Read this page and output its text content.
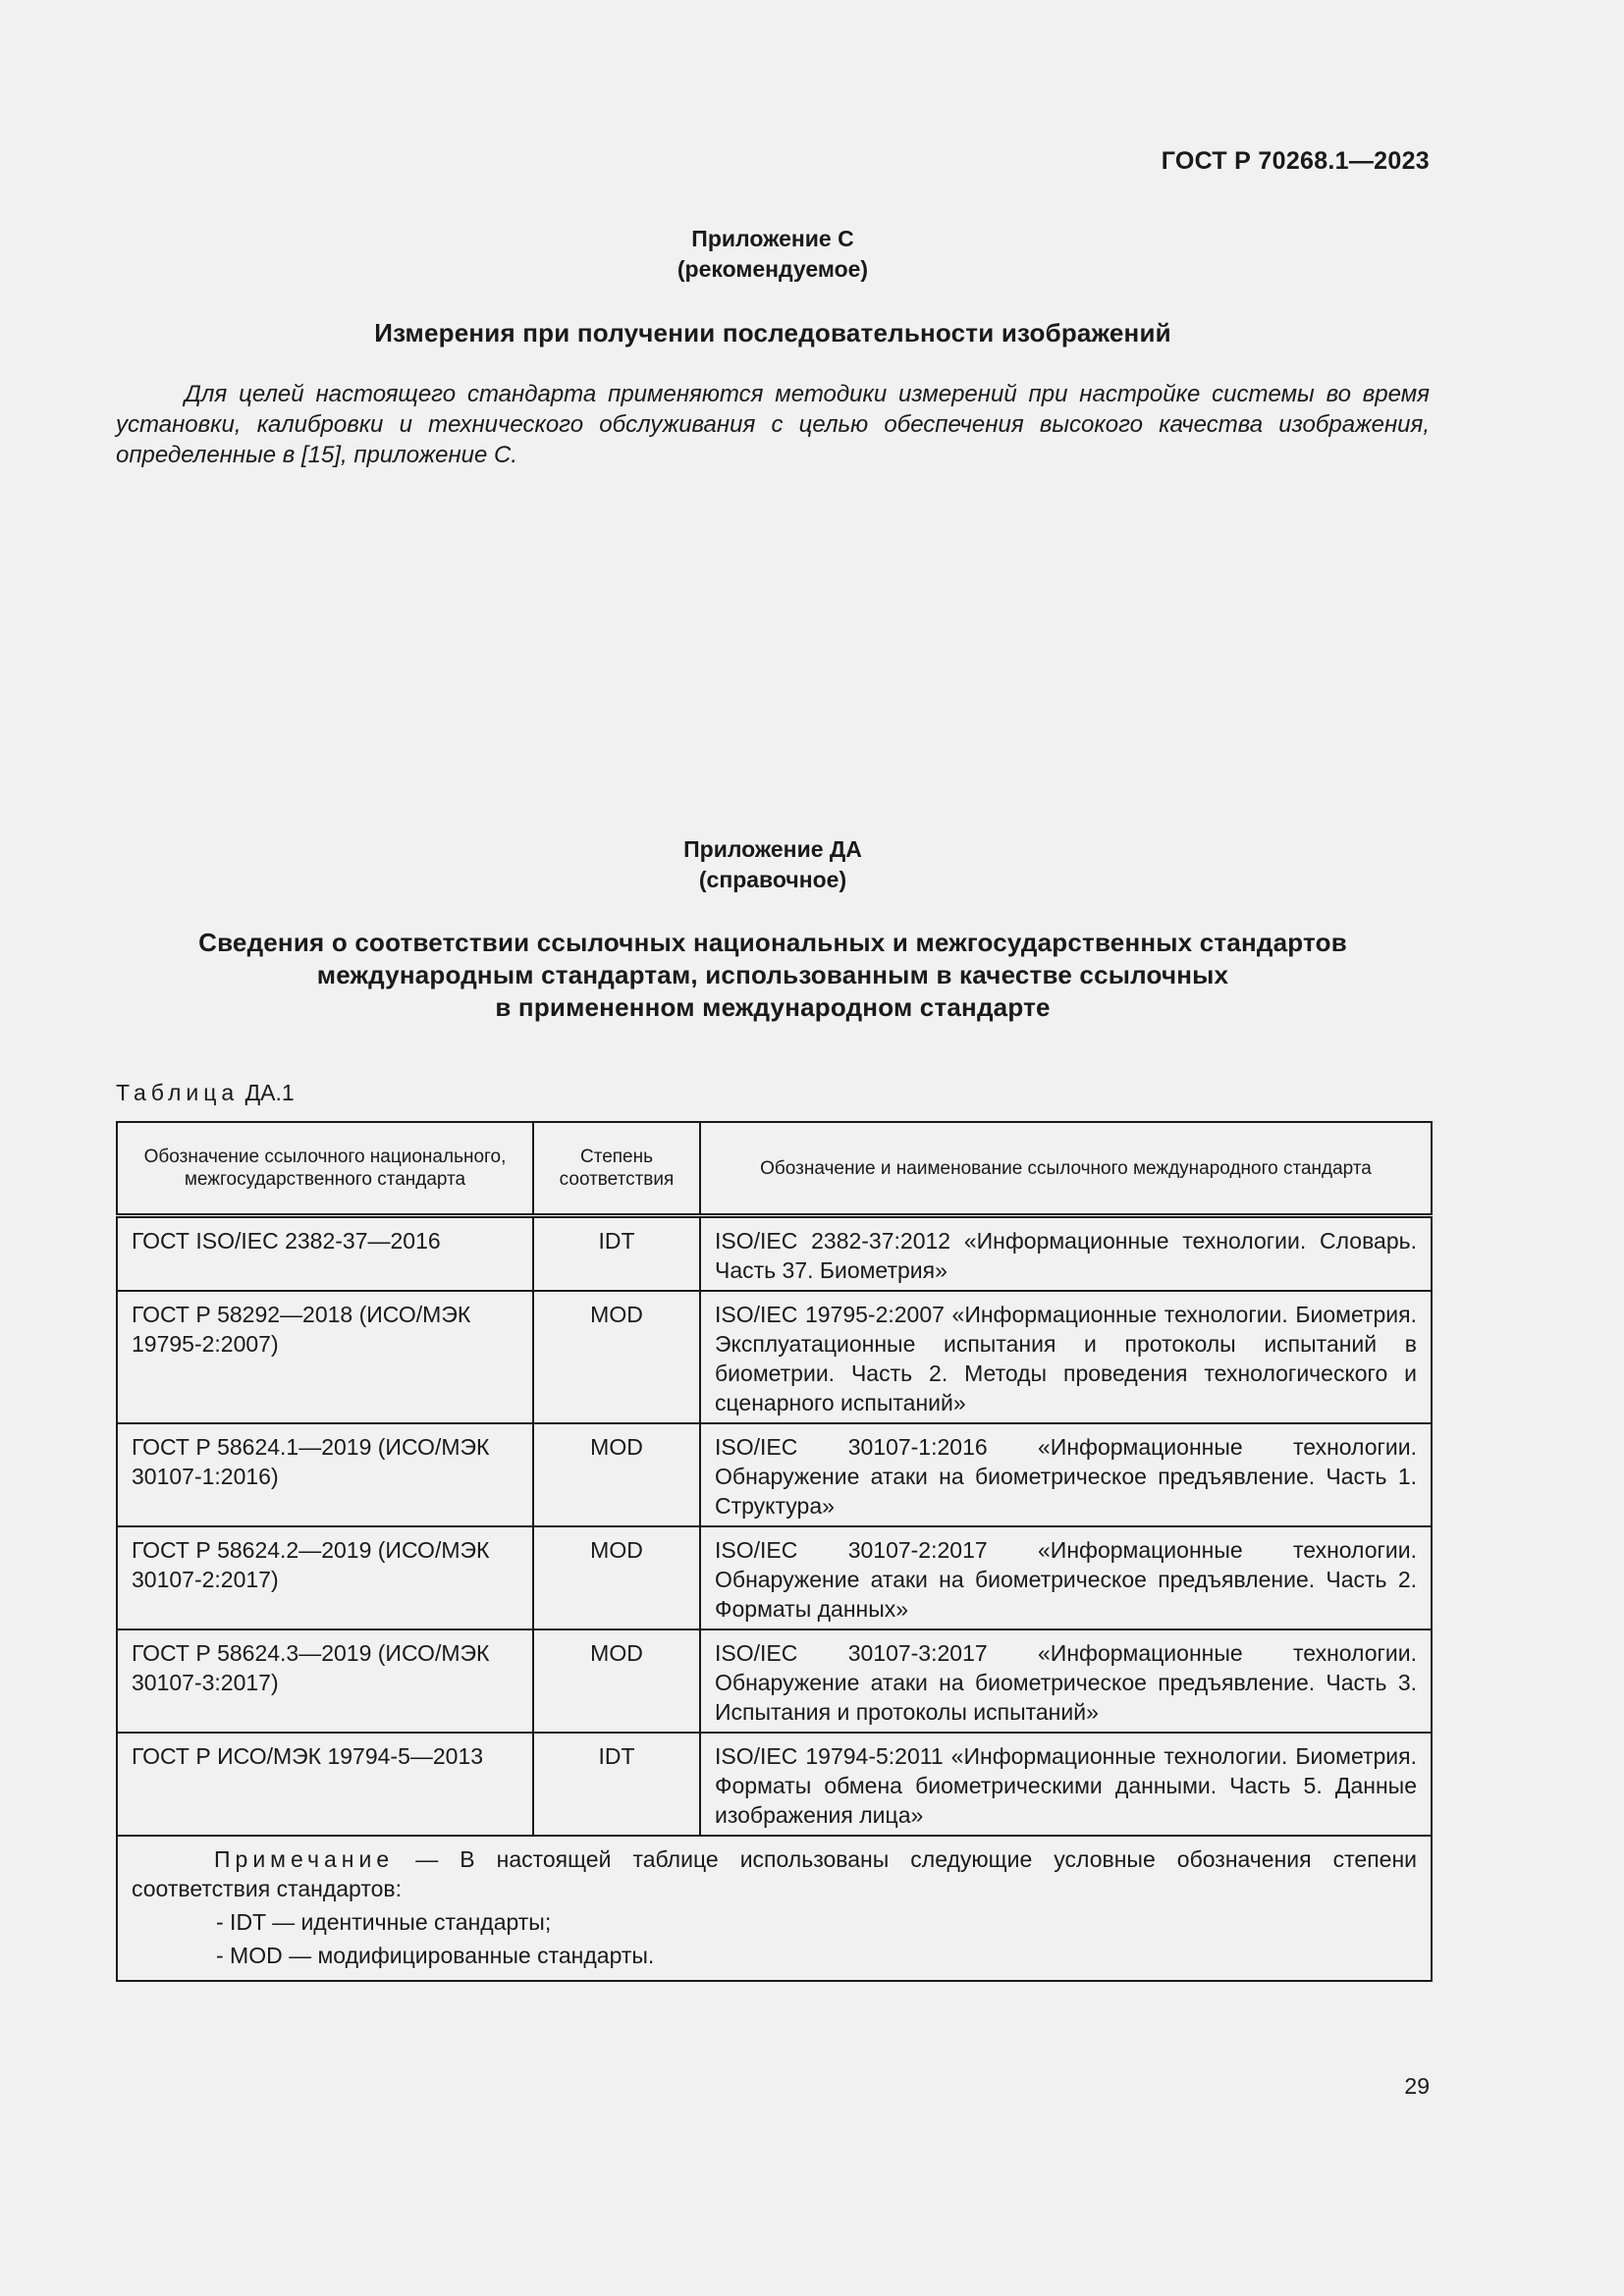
ГОСТ Р 70268.1—2023
Приложение С
(рекомендуемое)
Измерения при получении последовательности изображений
Для целей настоящего стандарта применяются методики измерений при настройке системы во время установки, калибровки и технического обслуживания с целью обеспечения высокого качества изображения, определенные в [15], приложение С.
Приложение ДА
(справочное)
Сведения о соответствии ссылочных национальных и межгосударственных стандартов
международным стандартам, использованным в качестве ссылочных
в примененном международном стандарте
Таблица ДА.1
Обозначение ссылочного национального, межгосударственного стандарта	Степень соответствия	Обозначение и наименование ссылочного международного стандарта
ГОСТ ISO/IEC 2382-37—2016	IDT	ISO/IEC 2382-37:2012 «Информационные технологии. Словарь. Часть 37. Биометрия»
ГОСТ Р 58292—2018 (ИСО/МЭК 19795-2:2007)	MOD	ISO/IEC 19795-2:2007 «Информационные технологии. Биометрия. Эксплуатационные испытания и протоколы испытаний в биометрии. Часть 2. Методы проведения технологического и сценарного испытаний»
ГОСТ Р 58624.1—2019 (ИСО/МЭК 30107-1:2016)	MOD	ISO/IEC 30107-1:2016 «Информационные технологии. Обнаружение атаки на биометрическое предъявление. Часть 1. Структура»
ГОСТ Р 58624.2—2019 (ИСО/МЭК 30107-2:2017)	MOD	ISO/IEC 30107-2:2017 «Информационные технологии. Обнаружение атаки на биометрическое предъявление. Часть 2. Форматы данных»
ГОСТ Р 58624.3—2019 (ИСО/МЭК 30107-3:2017)	MOD	ISO/IEC 30107-3:2017 «Информационные технологии. Обнаружение атаки на биометрическое предъявление. Часть 3. Испытания и протоколы испытаний»
ГОСТ Р ИСО/МЭК 19794-5—2013	IDT	ISO/IEC 19794-5:2011 «Информационные технологии. Биометрия. Форматы обмена биометрическими данными. Часть 5. Данные изображения лица»

Примечание — В настоящей таблице использованы следующие условные обозначения степени соответствия стандартов:
- IDT — идентичные стандарты;
- MOD — модифицированные стандарты.		
29
